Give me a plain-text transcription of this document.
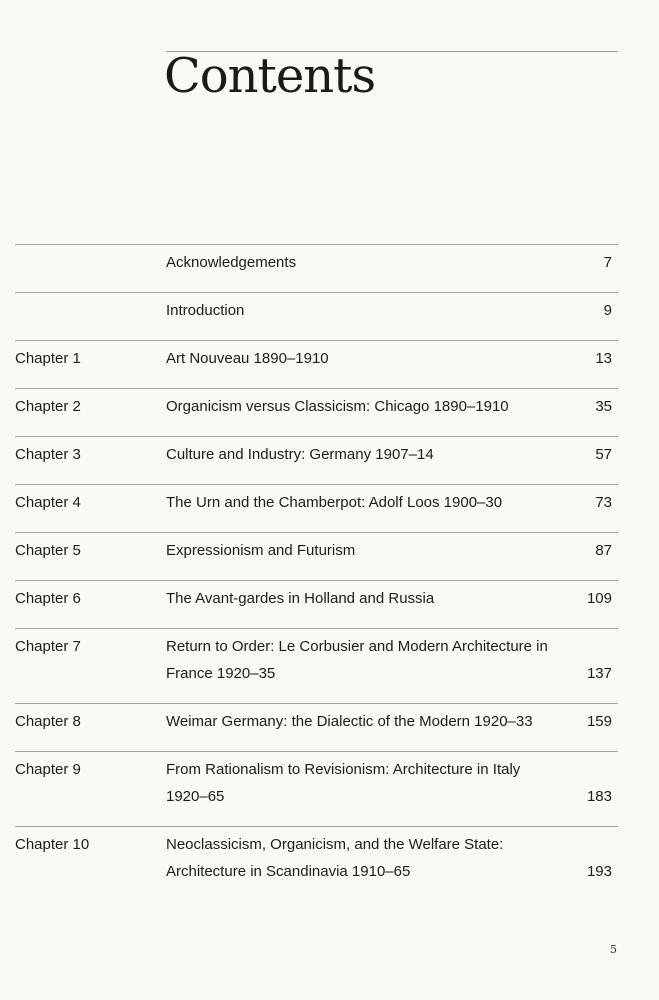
Contents
Acknowledgements	7
Introduction	9
Chapter 1	Art Nouveau 1890–1910	13
Chapter 2	Organicism versus Classicism: Chicago 1890–1910	35
Chapter 3	Culture and Industry: Germany 1907–14	57
Chapter 4	The Urn and the Chamberpot: Adolf Loos 1900–30	73
Chapter 5	Expressionism and Futurism	87
Chapter 6	The Avant-gardes in Holland and Russia	109
Chapter 7	Return to Order: Le Corbusier and Modern Architecture in France 1920–35	137
Chapter 8	Weimar Germany: the Dialectic of the Modern 1920–33	159
Chapter 9	From Rationalism to Revisionism: Architecture in Italy 1920–65	183
Chapter 10	Neoclassicism, Organicism, and the Welfare State: Architecture in Scandinavia 1910–65	193
5
